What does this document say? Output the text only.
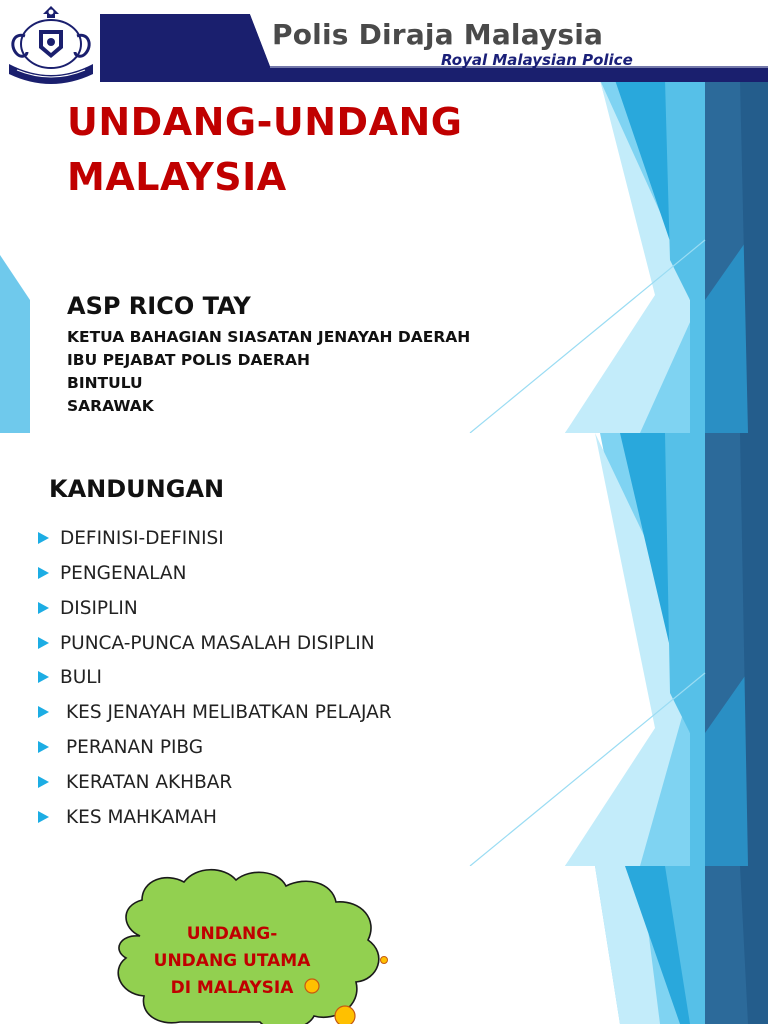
Polis Diraja Malaysia

Royal Malaysian Police

UNDANG-UNDANG

MALAYSIA

ASP RICO TAY

KETUA BAHAGIAN SIASATAN JENAYAH DAERAH

IBU PEJABAT POLIS DAERAH

BINTULU

SARAWAK

KANDUNGAN

DEFINISI-DEFINISI
PENGENALAN
DISIPLIN
PUNCA-PUNCA MASALAH DISIPLIN
BULI
KES JENAYAH MELIBATKAN PELAJAR
PERANAN PIBG
KERATAN AKHBAR
KES MAHKAMAH

UNDANG-

UNDANG UTAMA

DI MALAYSIA
